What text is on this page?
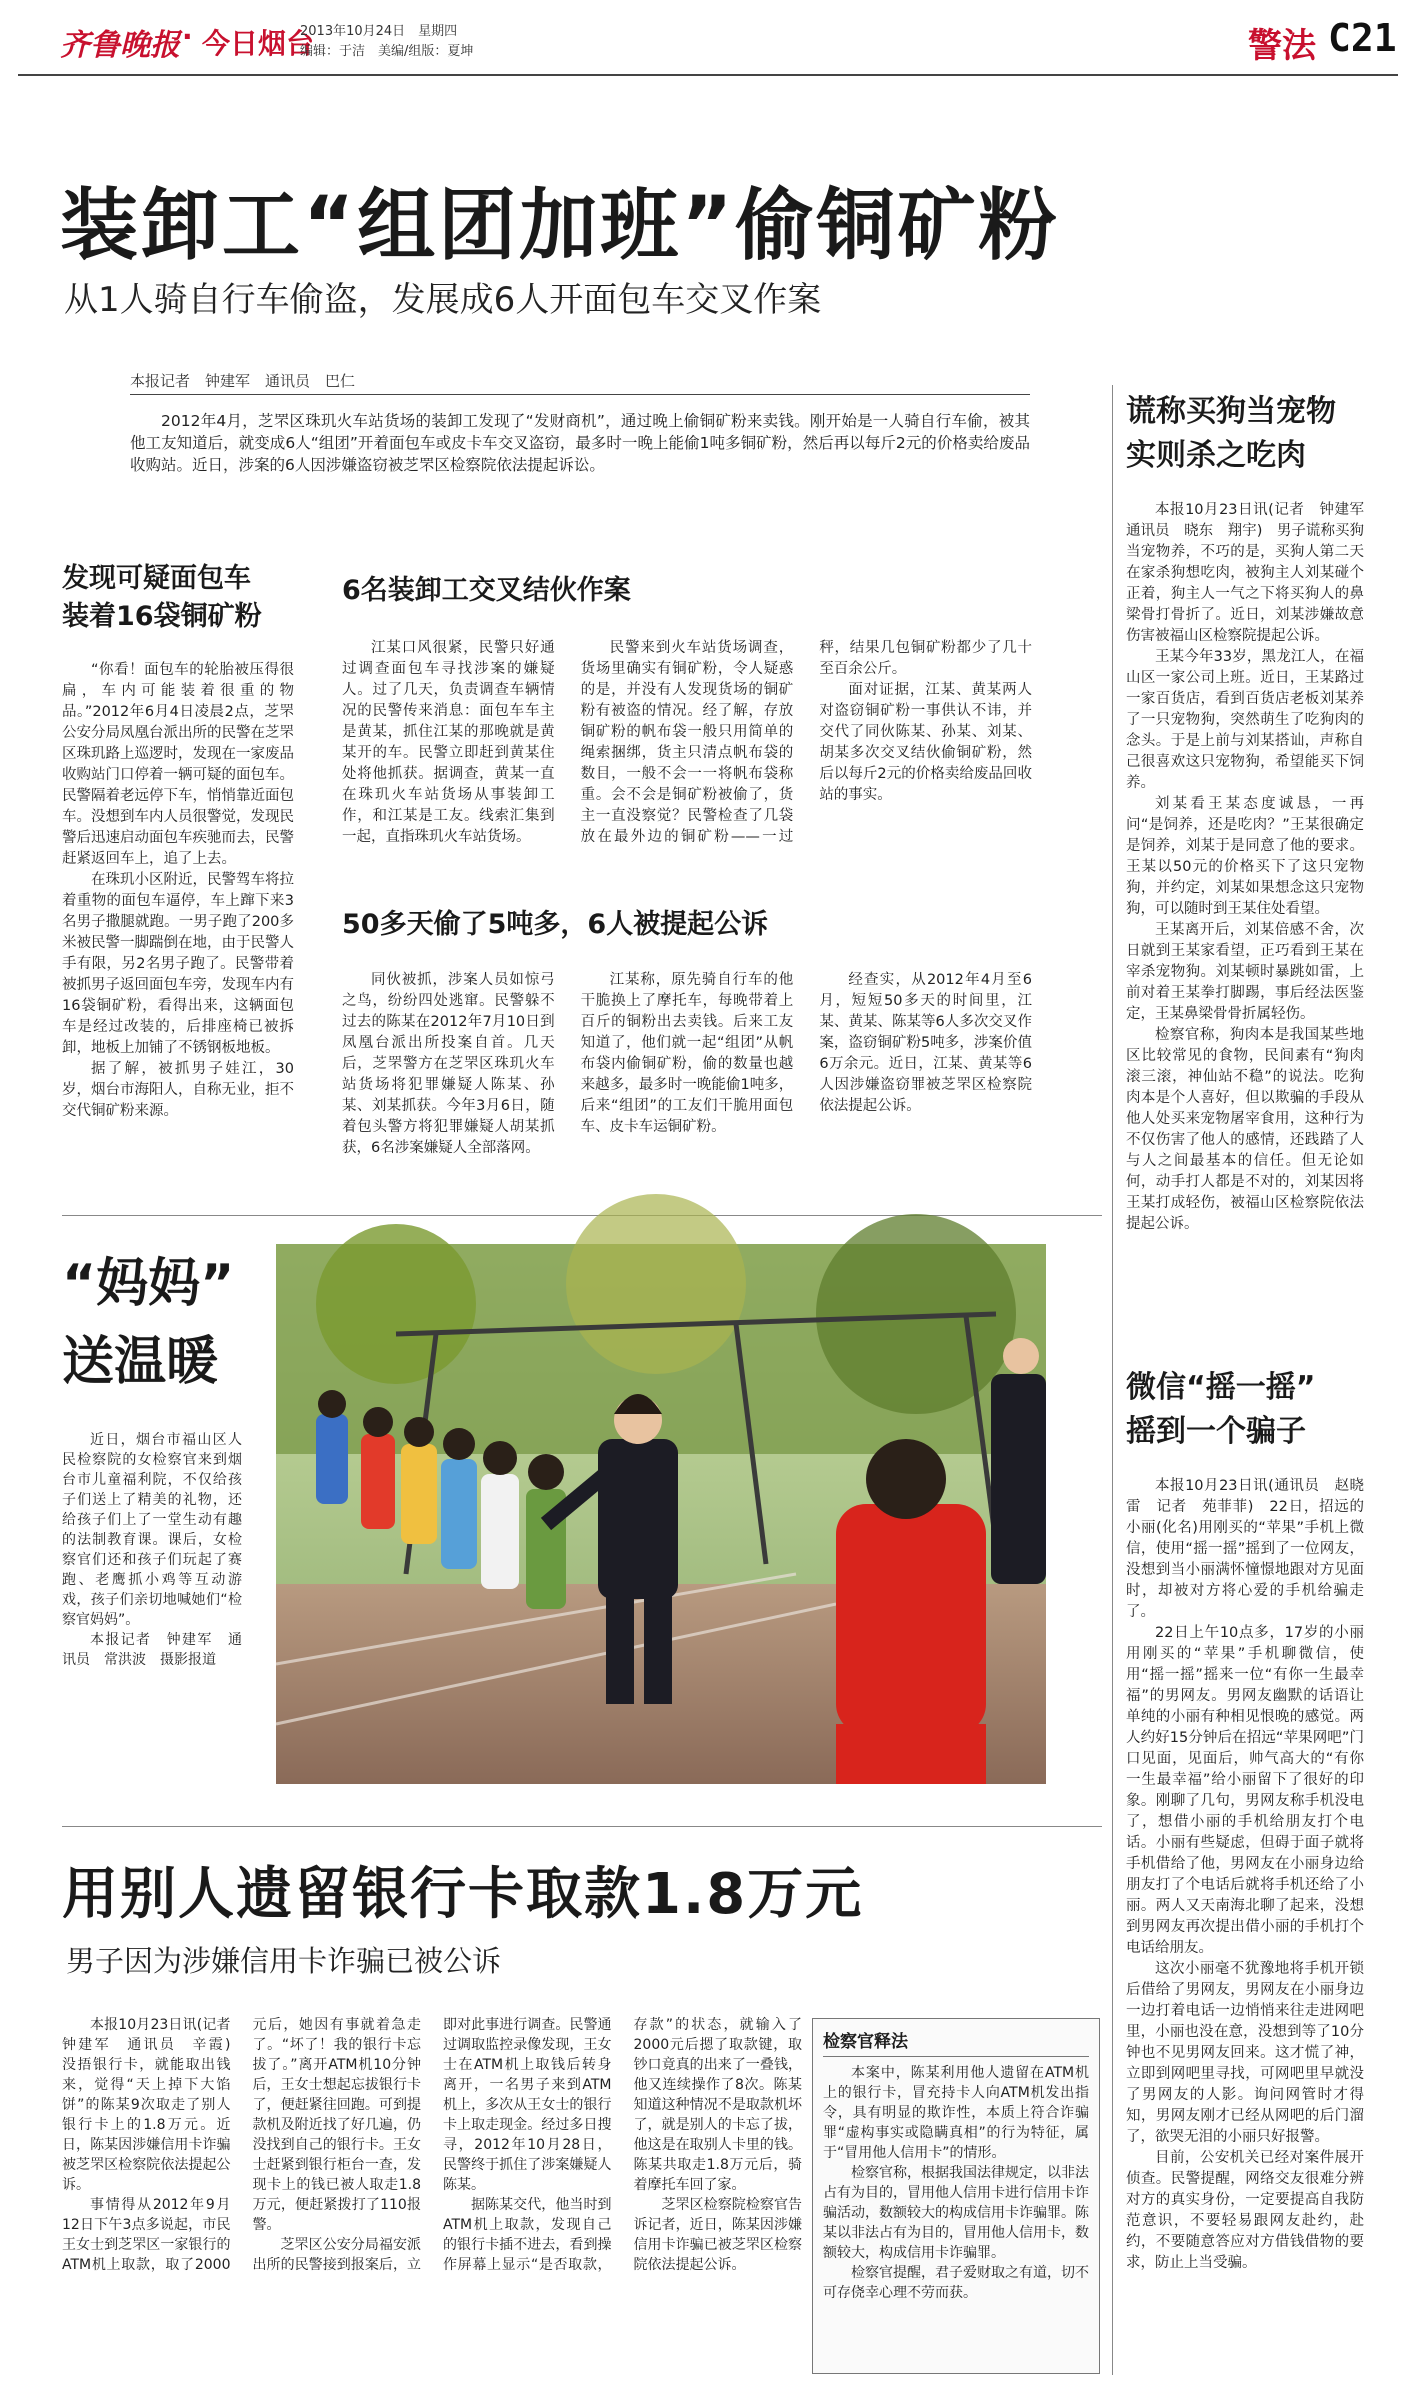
齐鲁晚报 · 今日烟台
2013年10月24日　星期四
编辑：于洁　美编/组版：夏坤	警法 C21
装卸工“组团加班”偷铜矿粉
从1人骑自行车偷盗，发展成6人开面包车交叉作案
本报记者　钟建军　通讯员　巴仁

2012年4月，芝罘区珠玑火车站货场的装卸工发现了“发财商机”，通过晚上偷铜矿粉来卖钱。刚开始是一人骑自行车偷，被其他工友知道后，就变成6人“组团”开着面包车或皮卡车交叉盗窃，最多时一晚上能偷1吨多铜矿粉，然后再以每斤2元的价格卖给废品收购站。近日，涉案的6人因涉嫌盗窃被芝罘区检察院依法提起诉讼。

发现可疑面包车
装着16袋铜矿粉

“你看！面包车的轮胎被压得很扁，车内可能装着很重的物品。”2012年6月4日凌晨2点，芝罘公安分局凤凰台派出所的民警在芝罘区珠玑路上巡逻时，发现在一家废品收购站门口停着一辆可疑的面包车。民警隔着老远停下车，悄悄靠近面包车。没想到车内人员很警觉，发现民警后迅速启动面包车疾驰而去，民警赶紧返回车上，追了上去。

在珠玑小区附近，民警驾车将拉着重物的面包车逼停，车上蹿下来3名男子撒腿就跑。一男子跑了200多米被民警一脚踹倒在地，由于民警人手有限，另2名男子跑了。民警带着被抓男子返回面包车旁，发现车内有16袋铜矿粉，看得出来，这辆面包车是经过改装的，后排座椅已被拆卸，地板上加铺了不锈钢板地板。

据了解，被抓男子娃江，30岁，烟台市海阳人，自称无业，拒不交代铜矿粉来源。

6名装卸工交叉结伙作案

江某口风很紧，民警只好通过调查面包车寻找涉案的嫌疑人。过了几天，负责调查车辆情况的民警传来消息：面包车车主是黄某，抓住江某的那晚就是黄某开的车。民警立即赶到黄某住处将他抓获。据调查，黄某一直在珠玑火车站货场从事装卸工作，和江某是工友。线索汇集到一起，直指珠玑火车站货场。

民警来到火车站货场调查，货场里确实有铜矿粉，令人疑惑的是，并没有人发现货场的铜矿粉有被盗的情况。经了解，存放铜矿粉的帆布袋一般只用简单的绳索捆绑，货主只清点帆布袋的数目，一般不会一一将帆布袋称重。会不会是铜矿粉被偷了，货主一直没察觉？民警检查了几袋放在最外边的铜矿粉——一过秤，结果几包铜矿粉都少了几十至百余公斤。

面对证据，江某、黄某两人对盗窃铜矿粉一事供认不讳，并交代了同伙陈某、孙某、刘某、胡某多次交叉结伙偷铜矿粉，然后以每斤2元的价格卖给废品回收站的事实。

50多天偷了5吨多，6人被提起公诉

同伙被抓，涉案人员如惊弓之鸟，纷纷四处逃窜。民警躲不过去的陈某在2012年7月10日到凤凰台派出所投案自首。几天后，芝罘警方在芝罘区珠玑火车站货场将犯罪嫌疑人陈某、孙某、刘某抓获。今年3月6日，随着包头警方将犯罪嫌疑人胡某抓获，6名涉案嫌疑人全部落网。

江某称，原先骑自行车的他干脆换上了摩托车，每晚带着上百斤的铜粉出去卖钱。后来工友知道了，他们就一起“组团”从帆布袋内偷铜矿粉，偷的数量也越来越多，最多时一晚能偷1吨多，后来“组团”的工友们干脆用面包车、皮卡车运铜矿粉。

经查实，从2012年4月至6月，短短50多天的时间里，江某、黄某、陈某等6人多次交叉作案，盗窃铜矿粉5吨多，涉案价值6万余元。近日，江某、黄某等6人因涉嫌盗窃罪被芝罘区检察院依法提起公诉。

谎称买狗当宠物
实则杀之吃肉

本报10月23日讯(记者　钟建军　通讯员　晓东　翔宇)　男子谎称买狗当宠物养，不巧的是，买狗人第二天在家杀狗想吃肉，被狗主人刘某碰个正着，狗主人一气之下将买狗人的鼻梁骨打骨折了。近日，刘某涉嫌故意伤害被福山区检察院提起公诉。

王某今年33岁，黑龙江人，在福山区一家公司上班。近日，王某路过一家百货店，看到百货店老板刘某养了一只宠物狗，突然萌生了吃狗肉的念头。于是上前与刘某搭讪，声称自己很喜欢这只宠物狗，希望能买下饲养。

刘某看王某态度诚恳，一再问“是饲养，还是吃肉？”王某很确定是饲养，刘某于是同意了他的要求。王某以50元的价格买下了这只宠物狗，并约定，刘某如果想念这只宠物狗，可以随时到王某住处看望。

王某离开后，刘某倍感不舍，次日就到王某家看望，正巧看到王某在宰杀宠物狗。刘某顿时暴跳如雷，上前对着王某拳打脚踢，事后经法医鉴定，王某鼻梁骨骨折属轻伤。

检察官称，狗肉本是我国某些地区比较常见的食物，民间素有“狗肉滚三滚，神仙站不稳”的说法。吃狗肉本是个人喜好，但以欺骗的手段从他人处买来宠物屠宰食用，这种行为不仅伤害了他人的感情，还践踏了人与人之间最基本的信任。但无论如何，动手打人都是不对的，刘某因将王某打成轻伤，被福山区检察院依法提起公诉。

“妈妈”
送温暖

近日，烟台市福山区人民检察院的女检察官来到烟台市儿童福利院，不仅给孩子们送上了精美的礼物，还给孩子们上了一堂生动有趣的法制教育课。课后，女检察官们还和孩子们玩起了赛跑、老鹰抓小鸡等互动游戏，孩子们亲切地喊她们“检察官妈妈”。

本报记者　钟建军　通讯员　常洪波　摄影报道

微信“摇一摇”
摇到一个骗子

本报10月23日讯(通讯员　赵晓雷　记者　苑菲菲)　22日，招远的小丽(化名)用刚买的“苹果”手机上微信，使用“摇一摇”摇到了一位网友，没想到当小丽满怀憧憬地跟对方见面时，却被对方将心爱的手机给骗走了。

22日上午10点多，17岁的小丽用刚买的“苹果”手机聊微信，使用“摇一摇”摇来一位“有你一生最幸福”的男网友。男网友幽默的话语让单纯的小丽有种相见恨晚的感觉。两人约好15分钟后在招远“苹果网吧”门口见面，见面后，帅气高大的“有你一生最幸福”给小丽留下了很好的印象。刚聊了几句，男网友称手机没电了，想借小丽的手机给朋友打个电话。小丽有些疑虑，但碍于面子就将手机借给了他，男网友在小丽身边给朋友打了个电话后就将手机还给了小丽。两人又天南海北聊了起来，没想到男网友再次提出借小丽的手机打个电话给朋友。

这次小丽毫不犹豫地将手机开锁后借给了男网友，男网友在小丽身边一边打着电话一边悄悄来往走进网吧里，小丽也没在意，没想到等了10分钟也不见男网友回来。这才慌了神，立即到网吧里寻找，可网吧里早就没了男网友的人影。询问网管时才得知，男网友刚才已经从网吧的后门溜了，欲哭无泪的小丽只好报警。

目前，公安机关已经对案件展开侦查。民警提醒，网络交友很难分辨对方的真实身份，一定要提高自我防范意识，不要轻易跟网友赴约，赴约，不要随意答应对方借钱借物的要求，防止上当受骗。

用别人遗留银行卡取款1.8万元
男子因为涉嫌信用卡诈骗已被公诉

本报10月23日讯(记者　钟建军　通讯员　辛霞)　没捂银行卡，就能取出钱来，觉得“天上掉下大馅饼”的陈某9次取走了别人银行卡上的1.8万元。近日，陈某因涉嫌信用卡诈骗被芝罘区检察院依法提起公诉。

事情得从2012年9月12日下午3点多说起，市民王女士到芝罘区一家银行的ATM机上取款，取了2000元后，她因有事就着急走了。“坏了！我的银行卡忘拔了。”离开ATM机10分钟后，王女士想起忘拔银行卡了，便赶紧往回跑。可到提款机及附近找了好几遍，仍没找到自己的银行卡。王女士赶紧到银行柜台一查，发现卡上的钱已被人取走1.8万元，便赶紧拨打了110报警。

芝罘区公安分局福安派出所的民警接到报案后，立即对此事进行调查。民警通过调取监控录像发现，王女士在ATM机上取钱后转身离开，一名男子来到ATM机上，多次从王女士的银行卡上取走现金。经过多日搜寻，2012年10月28日，民警终于抓住了涉案嫌疑人陈某。

据陈某交代，他当时到ATM机上取款，发现自己的银行卡插不进去，看到操作屏幕上显示“是否取款，存款”的状态，就输入了2000元后摁了取款键，取钞口竟真的出来了一叠钱，他又连续操作了8次。陈某知道这种情况不是取款机坏了，就是别人的卡忘了拔，他这是在取别人卡里的钱。陈某共取走1.8万元后，骑着摩托车回了家。

芝罘区检察院检察官告诉记者，近日，陈某因涉嫌信用卡诈骗已被芝罘区检察院依法提起公诉。

检察官释法

本案中，陈某利用他人遗留在ATM机上的银行卡，冒充持卡人向ATM机发出指令，具有明显的欺诈性，本质上符合诈骗罪“虚构事实或隐瞒真相”的行为特征，属于“冒用他人信用卡”的情形。

检察官称，根据我国法律规定，以非法占有为目的，冒用他人信用卡进行信用卡诈骗活动，数额较大的构成信用卡诈骗罪。陈某以非法占有为目的，冒用他人信用卡，数额较大，构成信用卡诈骗罪。

检察官提醒，君子爱财取之有道，切不可存侥幸心理不劳而获。
